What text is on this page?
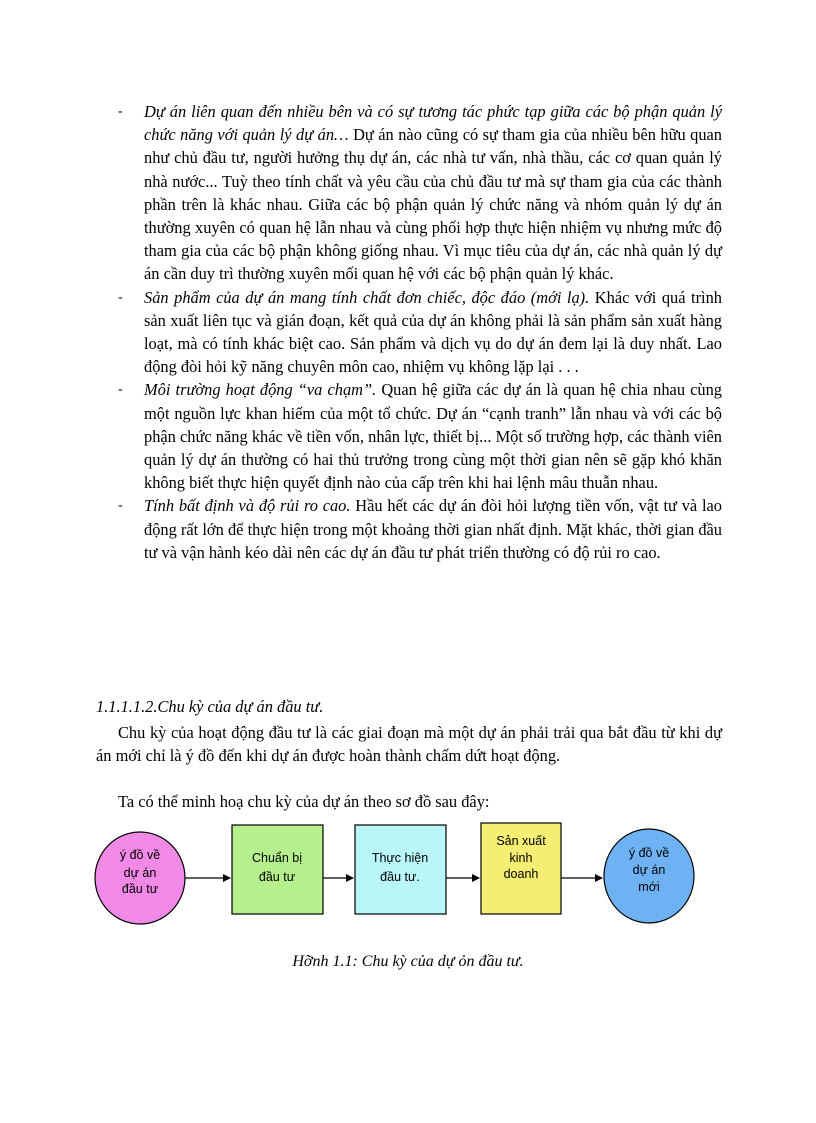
- Dự án liên quan đến nhiều bên và có sự tương tác phức tạp giữa các bộ phận quản lý chức năng với quản lý dự án… Dự án nào cũng có sự tham gia của nhiều bên hữu quan như chủ đầu tư, người hưởng thụ dự án, các nhà tư vấn, nhà thầu, các cơ quan quản lý nhà nước... Tuỳ theo tính chất và yêu cầu của chủ đầu tư mà sự tham gia của các thành phần trên là khác nhau. Giữa các bộ phận quản lý chức năng và nhóm quản lý dự án thường xuyên có quan hệ lẫn nhau và cùng phối hợp thực hiện nhiệm vụ nhưng mức độ tham gia của các bộ phận không giống nhau. Vì mục tiêu của dự án, các nhà quản lý dự án cần duy trì thường xuyên mối quan hệ với các bộ phận quản lý khác.

- Sản phẩm của dự án mang tính chất đơn chiếc, độc đáo (mới lạ). Khác với quá trình sản xuất liên tục và gián đoạn, kết quả của dự án không phải là sản phẩm sản xuất hàng loạt, mà có tính khác biệt cao. Sản phẩm và dịch vụ do dự án đem lại là duy nhất. Lao động đòi hỏi kỹ năng chuyên môn cao, nhiệm vụ không lặp lại . . .

- Môi trường hoạt động “va chạm”. Quan hệ giữa các dự án là quan hệ chia nhau cùng một nguồn lực khan hiếm của một tổ chức. Dự án “cạnh tranh” lẫn nhau và với các bộ phận chức năng khác về tiền vốn, nhân lực, thiết bị... Một số trường hợp, các thành viên quản lý dự án thường có hai thủ trưởng trong cùng một thời gian nên sẽ gặp khó khăn không biết thực hiện quyết định nào của cấp trên khi hai lệnh mâu thuẫn nhau.

- Tính bất định và độ rủi ro cao. Hầu hết các dự án đòi hỏi lượng tiền vốn, vật tư và lao động rất lớn để thực hiện trong một khoảng thời gian nhất định. Mặt khác, thời gian đầu tư và vận hành kéo dài nên các dự án đầu tư phát triển thường có độ rủi ro cao.

1.1.1.1.2.Chu kỳ của dự án đầu tư.

Chu kỳ của hoạt động đầu tư là các giai đoạn mà một dự án phải trải qua bắt đầu từ khi dự án mới chỉ là ý đồ đến khi dự án được hoàn thành chấm dứt hoạt động.

Ta có thể minh hoạ chu kỳ của dự án theo sơ đồ sau đây:

ý đồ về
dự án
đầu tư
Chuẩn bị
đầu tư
Thực hiện
đầu tư.
Sản xuất
kinh
doanh
ý đồ về
dự án
mới
Hỡnh 1.1: Chu kỳ của dự ỏn đầu tư.
